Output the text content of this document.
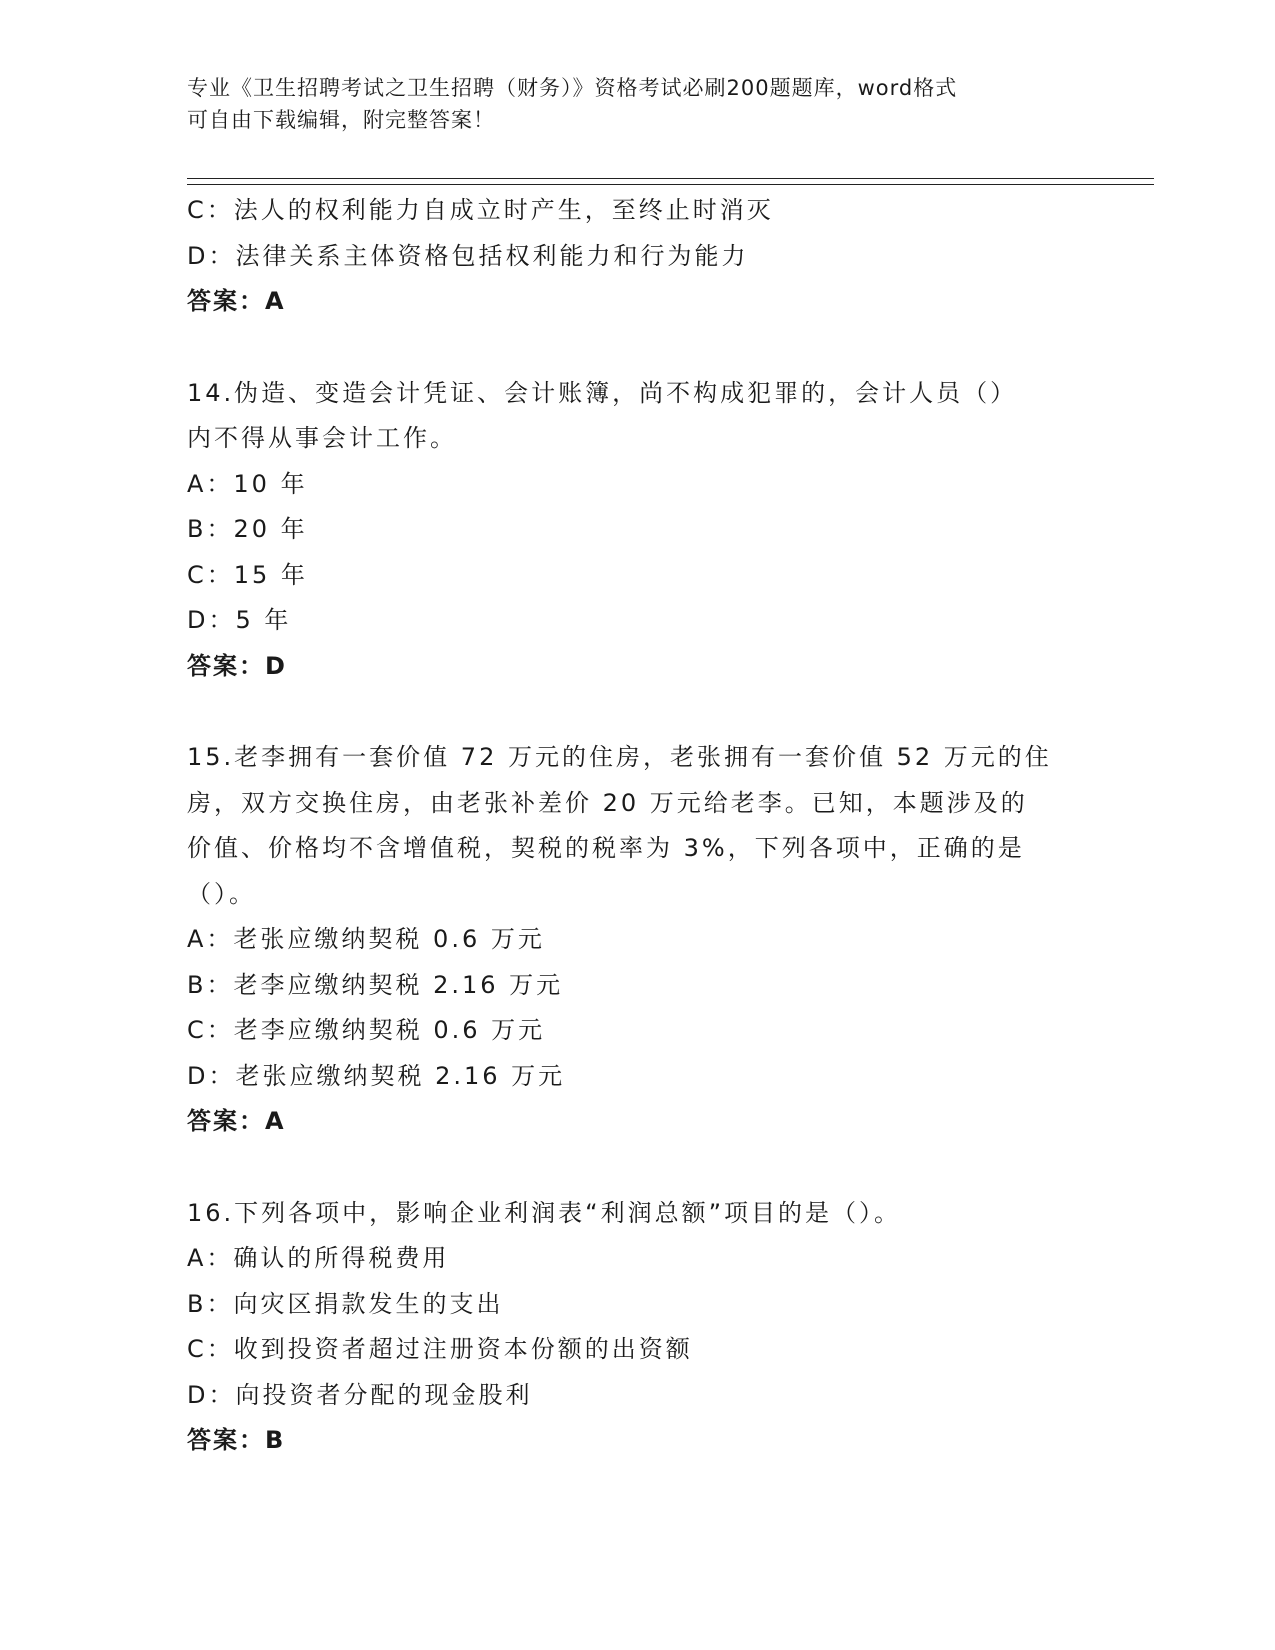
专业《卫生招聘考试之卫生招聘（财务）》资格考试必刷200题题库，word格式
可自由下载编辑，附完整答案！
C：法人的权利能力自成立时产生，至终止时消灭
D：法律关系主体资格包括权利能力和行为能力
答案：A
14.伪造、变造会计凭证、会计账簿，尚不构成犯罪的，会计人员（）
内不得从事会计工作。
A：10 年
B：20 年
C：15 年
D：5 年
答案：D
15.老李拥有一套价值 72 万元的住房，老张拥有一套价值 52 万元的住
房，双方交换住房，由老张补差价 20 万元给老李。已知，本题涉及的
价值、价格均不含增值税，契税的税率为 3%，下列各项中，正确的是
（）。
A：老张应缴纳契税 0.6 万元
B：老李应缴纳契税 2.16 万元
C：老李应缴纳契税 0.6 万元
D：老张应缴纳契税 2.16 万元
答案：A
16.下列各项中，影响企业利润表“利润总额”项目的是（）。
A：确认的所得税费用
B：向灾区捐款发生的支出
C：收到投资者超过注册资本份额的出资额
D：向投资者分配的现金股利
答案：B
